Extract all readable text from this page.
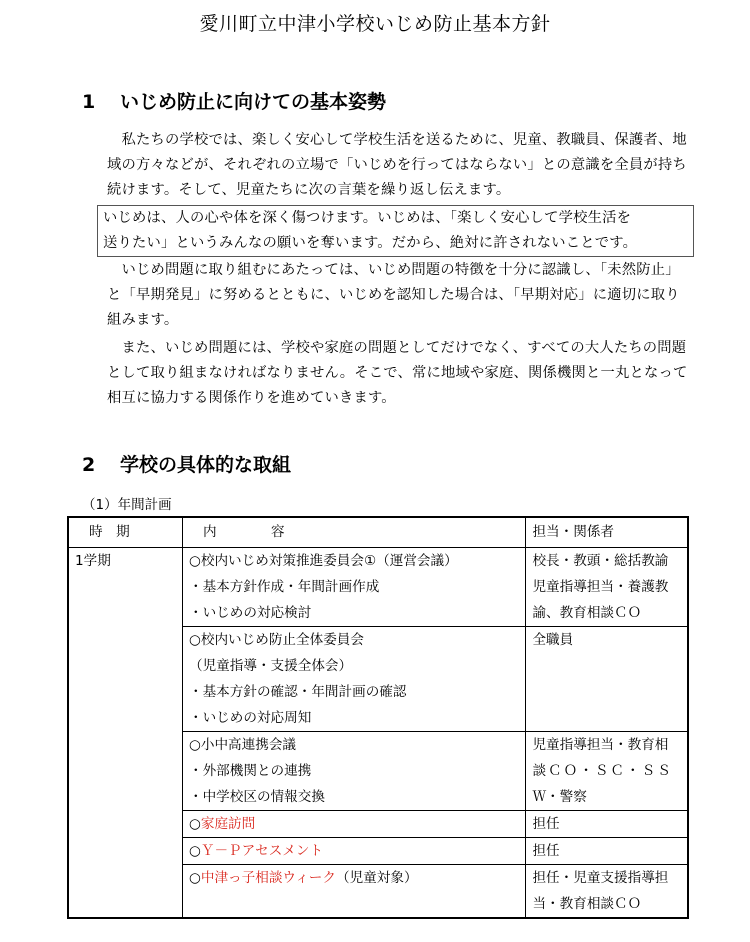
愛川町立中津小学校いじめ防止基本方針
1 いじめ防止に向けての基本姿勢
私たちの学校では、楽しく安心して学校生活を送るために、児童、教職員、保護者、地域の方々などが、それぞれの立場で「いじめを行ってはならない」との意識を全員が持ち続けます。そして、児童たちに次の言葉を繰り返し伝えます。
いじめは、人の心や体を深く傷つけます。いじめは、「楽しく安心して学校生活を
送りたい」というみんなの願いを奪います。だから、絶対に許されないことです。
いじめ問題に取り組むにあたっては、いじめ問題の特徴を十分に認識し、「未然防止」と「早期発見」に努めるとともに、いじめを認知した場合は、「早期対応」に適切に取り組みます。
また、いじめ問題には、学校や家庭の問題としてだけでなく、すべての大人たちの問題として取り組まなければなりません。そこで、常に地域や家庭、関係機関と一丸となって相互に協力する関係作りを進めていきます。
2 学校の具体的な取組
（1）年間計画
時　期	内　　　　容	担当・関係者
1学期	○校内いじめ対策推進委員会①（運営会議）
・基本方針作成・年間計画作成
・いじめの対応検討	校長・教頭・総括教諭
児童指導担当・養護教
諭、教育相談ＣＯ

	○校内いじめ防止全体委員会
（児童指導・支援全体会）
・基本方針の確認・年間計画の確認
・いじめの対応周知	全職員

	○小中高連携会議
・外部機関との連携
・中学校区の情報交換	児童指導担当・教育相
談ＣＯ・ＳＣ・ＳＳ
Ｗ・警察

	○家庭訪問	担任

	○Ｙ－Ｐアセスメント	担任

	○中津っ子相談ウィーク（児童対象）	担任・児童支援指導担
当・教育相談ＣＯ
